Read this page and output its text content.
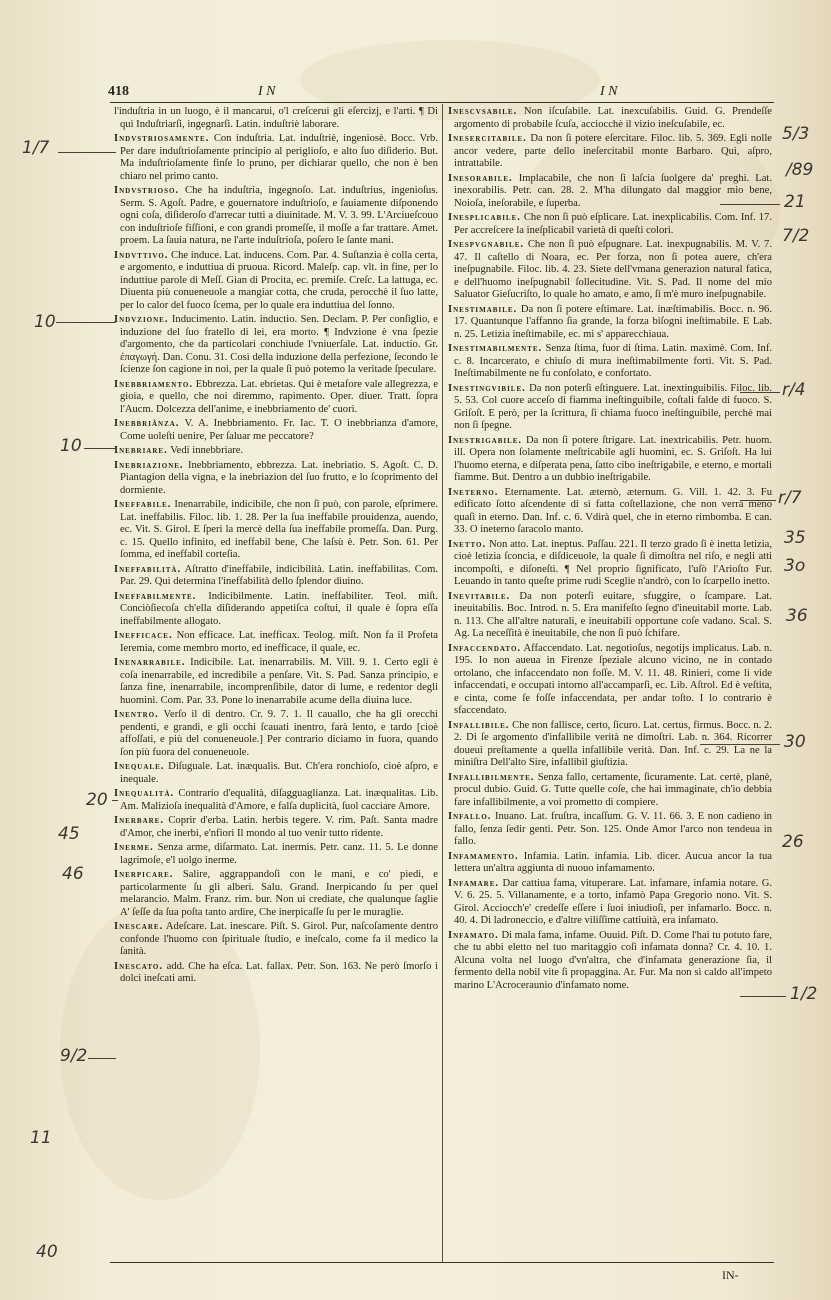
418	I N	I N

l'induſtria in un luogo, è il mancarui, o'l creſcerui gli eſercizj, e l'arti. ¶ Di qui Induſtriarſi, ingegnarſi. Latin. induſtriè laborare.

Indvstriosamente. Con induſtria. Lat. induſtriè, ingeniosè. Bocc. Vrb. Per dare induſtrioſamente principio al periglioſo, e alto ſuo diſiderio. But. Ma induſtrioſamente finſe lo pruno, per dichiarar quello, che non è ben chiaro nel primo canto.

Indvstrioso. Che ha induſtria, ingegnoſo. Lat. induſtrius, ingenioſus. Serm. S. Agoſt. Padre, e gouernatore induſtrioſo, e ſauiamente diſponendo ogni coſa, diſideroſo d'arrecar tutti a diuinitade. M. V. 3. 99. L'Arciueſcouo con induſtrioſe fiſſioni, e con grandi promeſſe, il moſſe a far trattare. Amet. proem. La ſauia natura, ne l'arte induſtrioſa, poſero le ſante mani.

Indvttivo. Che induce. Lat. inducens. Com. Par. 4. Suſtanzia è colla certa, e argomento, e induttiua di pruoua. Ricord. Maleſp. cap. vlt. in fine, per lo induttiue parole di Meſſ. Gian di Procita, ec. premiſe. Creſc. La lattuga, ec. Diuenta più conueneuole a mangiar cotta, che cruda, perocchè il ſuo latte, per lo calor del fuoco ſcema, per lo quale era induttiua del ſonno.

Indvzione. Inducimento. Latin. inductio. Sen. Declam. P. Per conſiglio, e induzione del ſuo fratello di lei, era morto. ¶ Indvzione è vna ſpezie d'argomento, che da particolari conchiude l'vniuerſale. Lat. inductio. Gr. ἐπαγωγή. Dan. Conu. 31. Così della induzione della perfezione, ſecondo le ſcienze ſon cagione in noi, per la quale ſi può potemo la veritade ſpeculare.

Inebbriamento. Ebbrezza. Lat. ebrietas. Qui è metafore vale allegrezza, e gioia, e quello, che noi diremmo, rapimento. Oper. diuer. Tratt. ſopra l'Aucm. Dolcezza dell'anime, e inebbriamento de' cuori.

Inebbriânza. V. A. Inebbriamento. Fr. Iac. T. O inebbrianza d'amore, Come uoleſti uenire, Per ſaluar me peccatore?

Inebriare. Vedi innebbriare.

Inebriazione. Inebbriamento, ebbrezza. Lat. inebriatio. S. Agoſt. C. D. Piantagion della vigna, e la inebriazion del ſuo frutto, e lo ſcoprimento del dormiente.

Ineffabile. Inenarrabile, indicibile, che non ſi può, con parole, eſprimere. Lat. ineffabilis. Filoc. lib. 1. 28. Per la ſua ineffabile prouidenza, auendo, ec. Vit. S. Girol. E ſperi la mercè della ſua ineffabile promeſſa. Dan. Purg. c. 15. Quello infinito, ed ineffabil bene, Che laſsù è. Petr. Son. 61. Per ſomma, ed ineffabil corteſia.

Ineffabilità. Aſtratto d'ineffabile, indicibilità. Latin. ineffabilitas. Com. Par. 29. Qui determina l'ineffabilità dello ſplendor diuino.

Ineffabilmente. Indicibilmente. Latin. ineffabiliter. Teol. miſt. Conciòſiecoſa ch'ella diſiderando appetiſca coſtui, il quale è ſopra eſſa ineffabilmente allogato.

Inefficace. Non efficace. Lat. inefficax. Teolog. miſt. Non fa il Profeta Ieremia, come membro morto, ed inefficace, il quale, ec.

Inenarrabile. Indicibile. Lat. inenarrabilis. M. Vill. 9. 1. Certo egli è coſa inenarrabile, ed incredibile a penſare. Vit. S. Pad. Sanza principio, e ſanza fine, inenarrabile, incomprenſibile, dator di lume, e redentor degli huomini. Com. Par. 33. Pone lo inenarrabile acume della diuina luce.

Inentro. Verſo il di dentro. Cr. 9. 7. 1. Il cauallo, che ha gli orecchi pendenti, e grandi, e gli occhi ſcauati inentro, farà lento, e tardo [cioè affoſſati, e più del conueneuole.] Per contrario diciamo in fuora, quando ſon più fuora del conueneuole.

Inequale. Diſuguale. Lat. inæqualis. But. Ch'era ronchioſo, cioè aſpro, e inequale.

Inequalità. Contrario d'equalità, diſagguaglianza. Lat. inæqualitas. Lib. Am. Malizioſa inequalità d'Amore, e falſa duplicità, ſuol cacciare Amore.

Inerbare. Coprir d'erba. Latin. herbis tegere. V. rim. Paſt. Santa madre d'Amor, che inerbi, e'nfiori Il mondo al tuo venir tutto ridente.

Inerme. Senza arme, diſarmato. Lat. inermis. Petr. canz. 11. 5. Le donne lagrimoſe, e'l uolgo inerme.

Inerpicare. Salire, aggrappandoſi con le mani, e co' piedi, e particolarmente ſu gli alberi. Salu. Grand. Inerpicando ſu per quel melarancio. Malm. Franz. rim. bur. Non ui crediate, che qualunque ſaglie A' ſeſſe da ſua poſta tanto ardire, Che inerpicaſſe ſu per le muraglie.

Inescare. Adeſcare. Lat. inescare. Piſt. S. Girol. Pur, naſcoſamente dentro confonde l'huomo con ſpirituale ſtudio, e ineſcalo, come fa il medico la ſanità.

Inescato. add. Che ha eſca. Lat. fallax. Petr. Son. 163. Ne però ſmorſo i dolci ineſcati ami.

Inescvsabile. Non iſcuſabile. Lat. inexcuſabilis. Guid. G. Prendeſſe argomento di probabile ſcuſa, acciocchè il vizio ineſcuſabile, ec.

Inesercitabile. Da non ſi potere eſercitare. Filoc. lib. 5. 369. Egli nolle ancor vedere, parte dello ineſercitabil monte Barbaro. Qui, aſpro, intrattabile.

Inesorabile. Implacabile, che non ſi laſcia ſuolgere da' preghi. Lat. inexorabilis. Petr. can. 28. 2. M'ha dilungato dal maggior mio bene, Noioſa, ineſorabile, e ſuperba.

Inesplicabile. Che non ſi può eſplicare. Lat. inexplicabilis. Com. Inf. 17. Per accreſcere la ineſplicabil varietà di queſti colori.

Inespvgnabile. Che non ſi può eſpugnare. Lat. inexpugnabilis. M. V. 7. 47. Il caſtello di Noara, ec. Per forza, non ſi potea auere, ch'era ineſpugnabile. Filoc. lib. 4. 23. Siete dell'vmana generazion natural fatica, e dell'huomo ineſpugnabil ſollecitudine. Vit. S. Pad. Il nome del mio Saluator Gieſucriſto, lo quale ho amato, e amo, ſi m'è muro ineſpugnabile.

Inestimabile. Da non ſi potere eſtimare. Lat. inæſtimabilis. Bocc. n. 96. 17. Quantunque l'affanno ſia grande, la forza biſogni ineſtimabile. E Lab. n. 25. Letizia ineſtimabile, ec. mi s' apparecchiaua.

Inestimabilmente. Senza ſtima, fuor di ſtima. Latin. maximè. Com. Inf. c. 8. Incarcerato, e chiuſo di mura ineſtimabilmente forti. Vit. S. Pad. Ineſtimabilmente ne fu conſolato, e confortato.

Inestingvibile. Da non poterſi eſtinguere. Lat. inextinguibilis. Filoc. lib. 5. 53. Col cuore acceſo di fiamma ineſtinguibile, coſtali falde di fuoco. S. Griſoſt. E però, per la ſcrittura, ſi chiama fuoco ineſtinguibile, perchè mai non ſi ſpegne.

Inestrigabile. Da non ſi potere ſtrigare. Lat. inextricabilis. Petr. huom. ill. Opera non ſolamente meſtricabile agli huomini, ec. S. Griſoſt. Ha lui l'huomo eterna, e diſperata pena, ſatto cibo ineſtrigabile, e eterno, e mortali fiamme. But. Dentro a un dubbio ineſtrigabile.

Ineterno. Eternamente. Lat. æternò, æternum. G. Vill. 1. 42. 3. Fu edificato ſotto aſcendente di sì fatta coſtellazione, che non verrà meno quaſi in eterno. Dan. Inf. c. 6. Vdirà quel, che in eterno rimbomba. E can. 33. O ineterno ſaracolo manto.

Inetto. Non atto. Lat. ineptus. Paſſau. 221. Il terzo grado ſi è inetta letizia, cioè letizia ſconcia, e diſdiceuole, la quale ſi dimoſtra nel riſo, e negli atti incompoſti, e diſoneſti. ¶ Nel proprio ſignificato, l'uſò l'Arioſto Fur. Leuando in tanto queſte prime rudi Sceglie n'andrò, con lo ſcarpello inetto.

Inevitabile. Da non poterſi euitare, sfuggire, o ſcampare. Lat. ineuitabilis. Boc. Introd. n. 5. Era manifeſto ſegno d'ineuitabil morte. Lab. n. 113. Che all'altre naturali, e ineuitabili opportune coſe vadano. Scal. S. Ag. La neceſſità è ineuitabile, che non ſi può ſchifare.

Infaccendato. Affaccendato. Lat. negotioſus, negotijs implicatus. Lab. n. 195. Io non aueua in Firenze ſpeziale alcuno vicino, ne in contado ortolano, che infaccendato non foſſe. M. V. 11. 48. Rinieri, come li vide infaccendati, e occupati intorno all'accamparſi, ec. Lib. Aſtrol. Ed è veſtita, e cinta, come ſe foſſe infaccendata, per andar toſto. I lo contrario è sfaccendato.

Infallibile. Che non fallisce, certo, ſicuro. Lat. certus, firmus. Bocc. n. 2. 2. Di ſe argomento d'infallibile verità ne dimoſtri. Lab. n. 364. Ricorrer doueui preſtamente a quella infallibile verità. Dan. Inf. c. 29. La ne la miniſtra Dell'alto Sire, infallibil giuſtizia.

Infallibilmente. Senza fallo, certamente, ſicuramente. Lat. certè, planè, procul dubio. Guid. G. Tutte quelle coſe, che hai immaginate, ch'io debbia fare infallibilmente, a voi prometto di compiere.

Infallo. Inuano. Lat. fruſtra, incaſſum. G. V. 11. 66. 3. E non cadieno in fallo, ſenza ſedir genti. Petr. Son. 125. Onde Amor l'arco non tendeua in fallo.

Infamamento. Infamia. Latin. infamia. Lib. dicer. Aucua ancor la tua lettera un'altra aggiunta di nuouo infamamento.

Infamare. Dar cattiua fama, vituperare. Lat. infamare, infamia notare. G. V. 6. 25. 5. Villanamente, e a torto, infamò Papa Gregorio nono. Vit. S. Girol. Acciocch'e' credeſſe eſſere i ſuoi iniudioſi, per infamarlo. Bocc. n. 40. 4. Di ladroneccio, e d'altre viliſſime cattiuità, era infamato.

Infamato. Di mala fama, infame. Ouuid. Piſt. D. Come l'hai tu potuto fare, che tu abbi eletto nel tuo maritaggio coſì infamata donna? Cr. 4. 10. 1. Alcuna volta nel luogo d'vn'altra, che d'infamata generazione ſia, il fermento della nobil vite ſi propaggina. Ar. Fur. Ma non sì caldo all'impeto marino L'Acroceraunio d'infamato nome.

IN-
1/7
10
10
20
45
46
9/2
11
40
5/3
/89
21
7/2
r/4
r/7
35
3o
36
30
26
1/2
